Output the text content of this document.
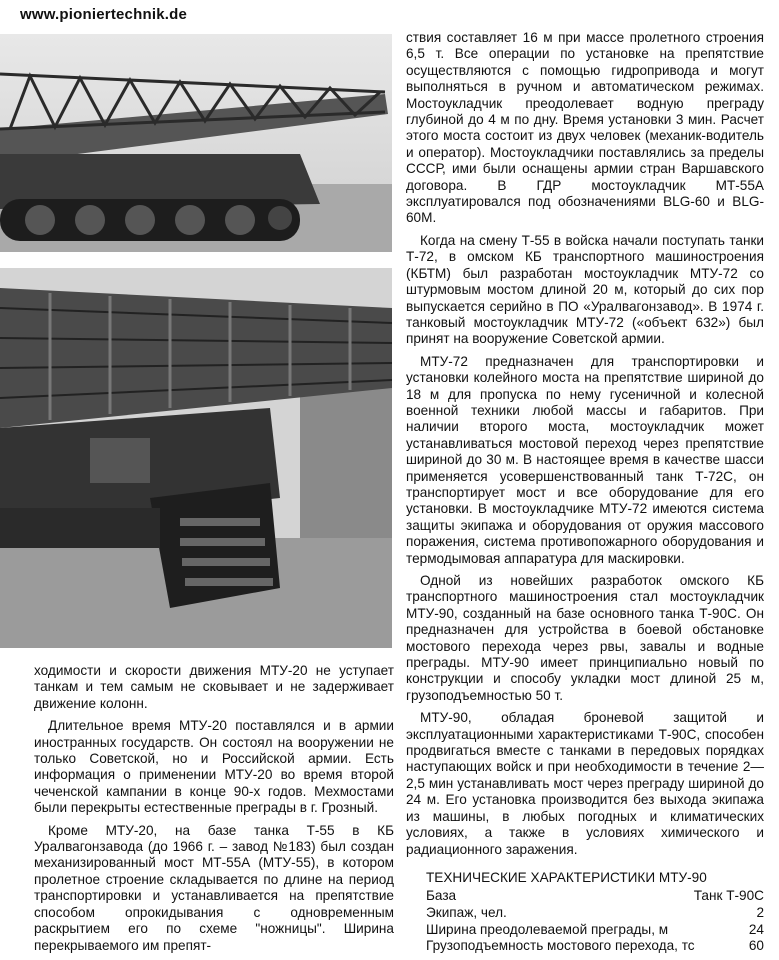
www.pioniertechnik.de

ходимости и скорости движения МТУ-20 не уступает танкам и тем самым не сковывает и не задерживает движение колонн.

Длительное время МТУ-20 поставлялся и в армии иностранных государств. Он состоял на вооружении не только Советской, но и Российской армии. Есть информация о применении МТУ-20 во время второй чеченской кампании в конце 90-х годов. Мехмостами были перекрыты естественные преграды в г. Грозный.

Кроме МТУ-20, на базе танка Т-55 в КБ Уралвагонзавода (до 1966 г. – завод №183) был создан механизированный мост МТ-55А (МТУ-55), в котором пролетное строение складывается по длине на период транспортировки и устанавливается на препятствие способом опрокидывания с одновременным раскрытием его по схеме "ножницы". Ширина перекрываемого им препят-

ствия составляет 16 м при массе пролетного строения 6,5 т. Все операции по установке на препятствие осуществляются с помощью гидропривода и могут выполняться в ручном и автоматическом режимах. Мостоукладчик преодолевает водную преграду глубиной до 4 м по дну. Время установки 3 мин. Расчет этого моста состоит из двух человек (механик-водитель и оператор). Мостоукладчики поставлялись за пределы СССР, ими были оснащены армии стран Варшавского договора. В ГДР мостоукладчик МТ-55А эксплуатировался под обозначениями BLG-60 и BLG-60M.

Когда на смену Т-55 в войска начали поступать танки Т-72, в омском КБ транспортного машиностроения (КБТМ) был разработан мостоукладчик МТУ-72 со штурмовым мостом длиной 20 м, который до сих пор выпускается серийно в ПО «Уралвагонзавод». В 1974 г. танковый мостоукладчик МТУ-72 («объект 632») был принят на вооружение Советской армии.

МТУ-72 предназначен для транспортировки и установки колейного моста на препятствие шириной до 18 м для пропуска по нему гусеничной и колесной военной техники любой массы и габаритов. При наличии второго моста, мостоукладчик может устанавливаться мостовой переход через препятствие шириной до 30 м. В настоящее время в качестве шасси применяется усовершенствованный танк Т-72С, он транспортирует мост и все оборудование для его установки. В мостоукладчике МТУ-72 имеются система защиты экипажа и оборудования от оружия массового поражения, система противопожарного оборудования и термодымовая аппаратура для маскировки.

Одной из новейших разработок омского КБ транспортного машиностроения стал мостоукладчик МТУ-90, созданный на базе основного танка Т-90С. Он предназначен для устройства в боевой обстановке мостового перехода через рвы, завалы и водные преграды. МТУ-90 имеет принципиально новый по конструкции и способу укладки мост длиной 25 м, грузоподъемностью 50 т.

МТУ-90, обладая броневой защитой и эксплуатационными характеристиками Т-90С, способен продвигаться вместе с танками в передовых порядках наступающих войск и при необходимости в течение 2—2,5 мин устанавливать мост через преграду шириной до 24 м. Его установка производится без выхода экипажа из машины, в любых погодных и климатических условиях, а также в условиях химического и радиационного заражения.

ТЕХНИЧЕСКИЕ ХАРАКТЕРИСТИКИ МТУ-90
База	Танк Т-90С
Экипаж, чел.	2
Ширина преодолеваемой преграды, м	24
Грузоподъемность мостового перехода, тс	60
